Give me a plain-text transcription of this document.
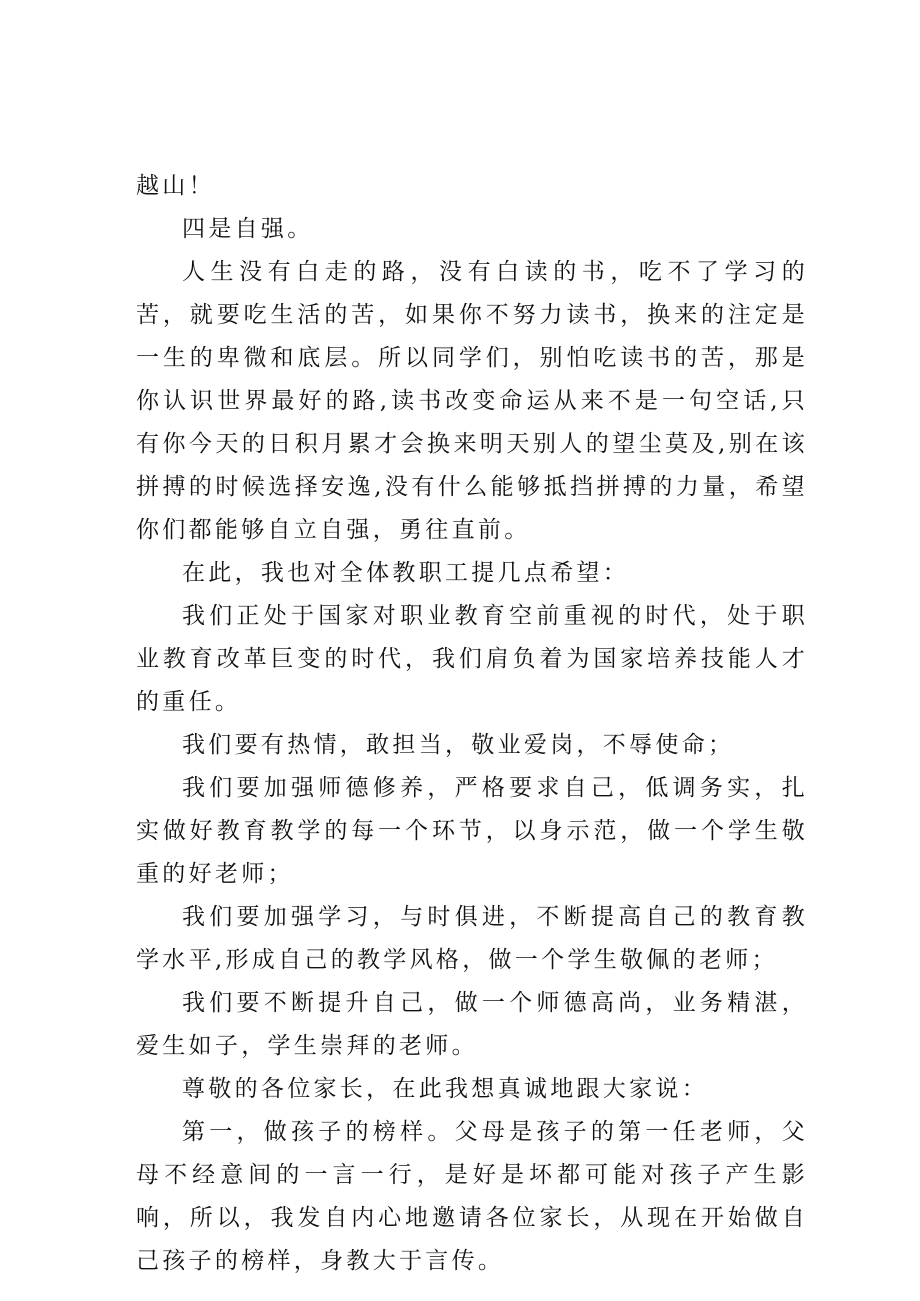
越山！

四是自强。

人生没有白走的路，没有白读的书，吃不了学习的苦，就要吃生活的苦，如果你不努力读书，换来的注定是一生的卑微和底层。所以同学们，别怕吃读书的苦，那是你认识世界最好的路,读书改变命运从来不是一句空话,只有你今天的日积月累才会换来明天别人的望尘莫及,别在该拼搏的时候选择安逸,没有什么能够抵挡拼搏的力量，希望你们都能够自立自强，勇往直前。

在此，我也对全体教职工提几点希望：

我们正处于国家对职业教育空前重视的时代，处于职业教育改革巨变的时代，我们肩负着为国家培养技能人才的重任。

我们要有热情，敢担当，敬业爱岗，不辱使命；

我们要加强师德修养，严格要求自己，低调务实，扎实做好教育教学的每一个环节，以身示范，做一个学生敬重的好老师；

我们要加强学习，与时俱进，不断提高自己的教育教学水平,形成自己的教学风格，做一个学生敬佩的老师；

我们要不断提升自己，做一个师德高尚，业务精湛，爱生如子，学生崇拜的老师。

尊敬的各位家长，在此我想真诚地跟大家说：

第一，做孩子的榜样。父母是孩子的第一任老师，父母不经意间的一言一行，是好是坏都可能对孩子产生影响，所以，我发自内心地邀请各位家长，从现在开始做自己孩子的榜样，身教大于言传。
